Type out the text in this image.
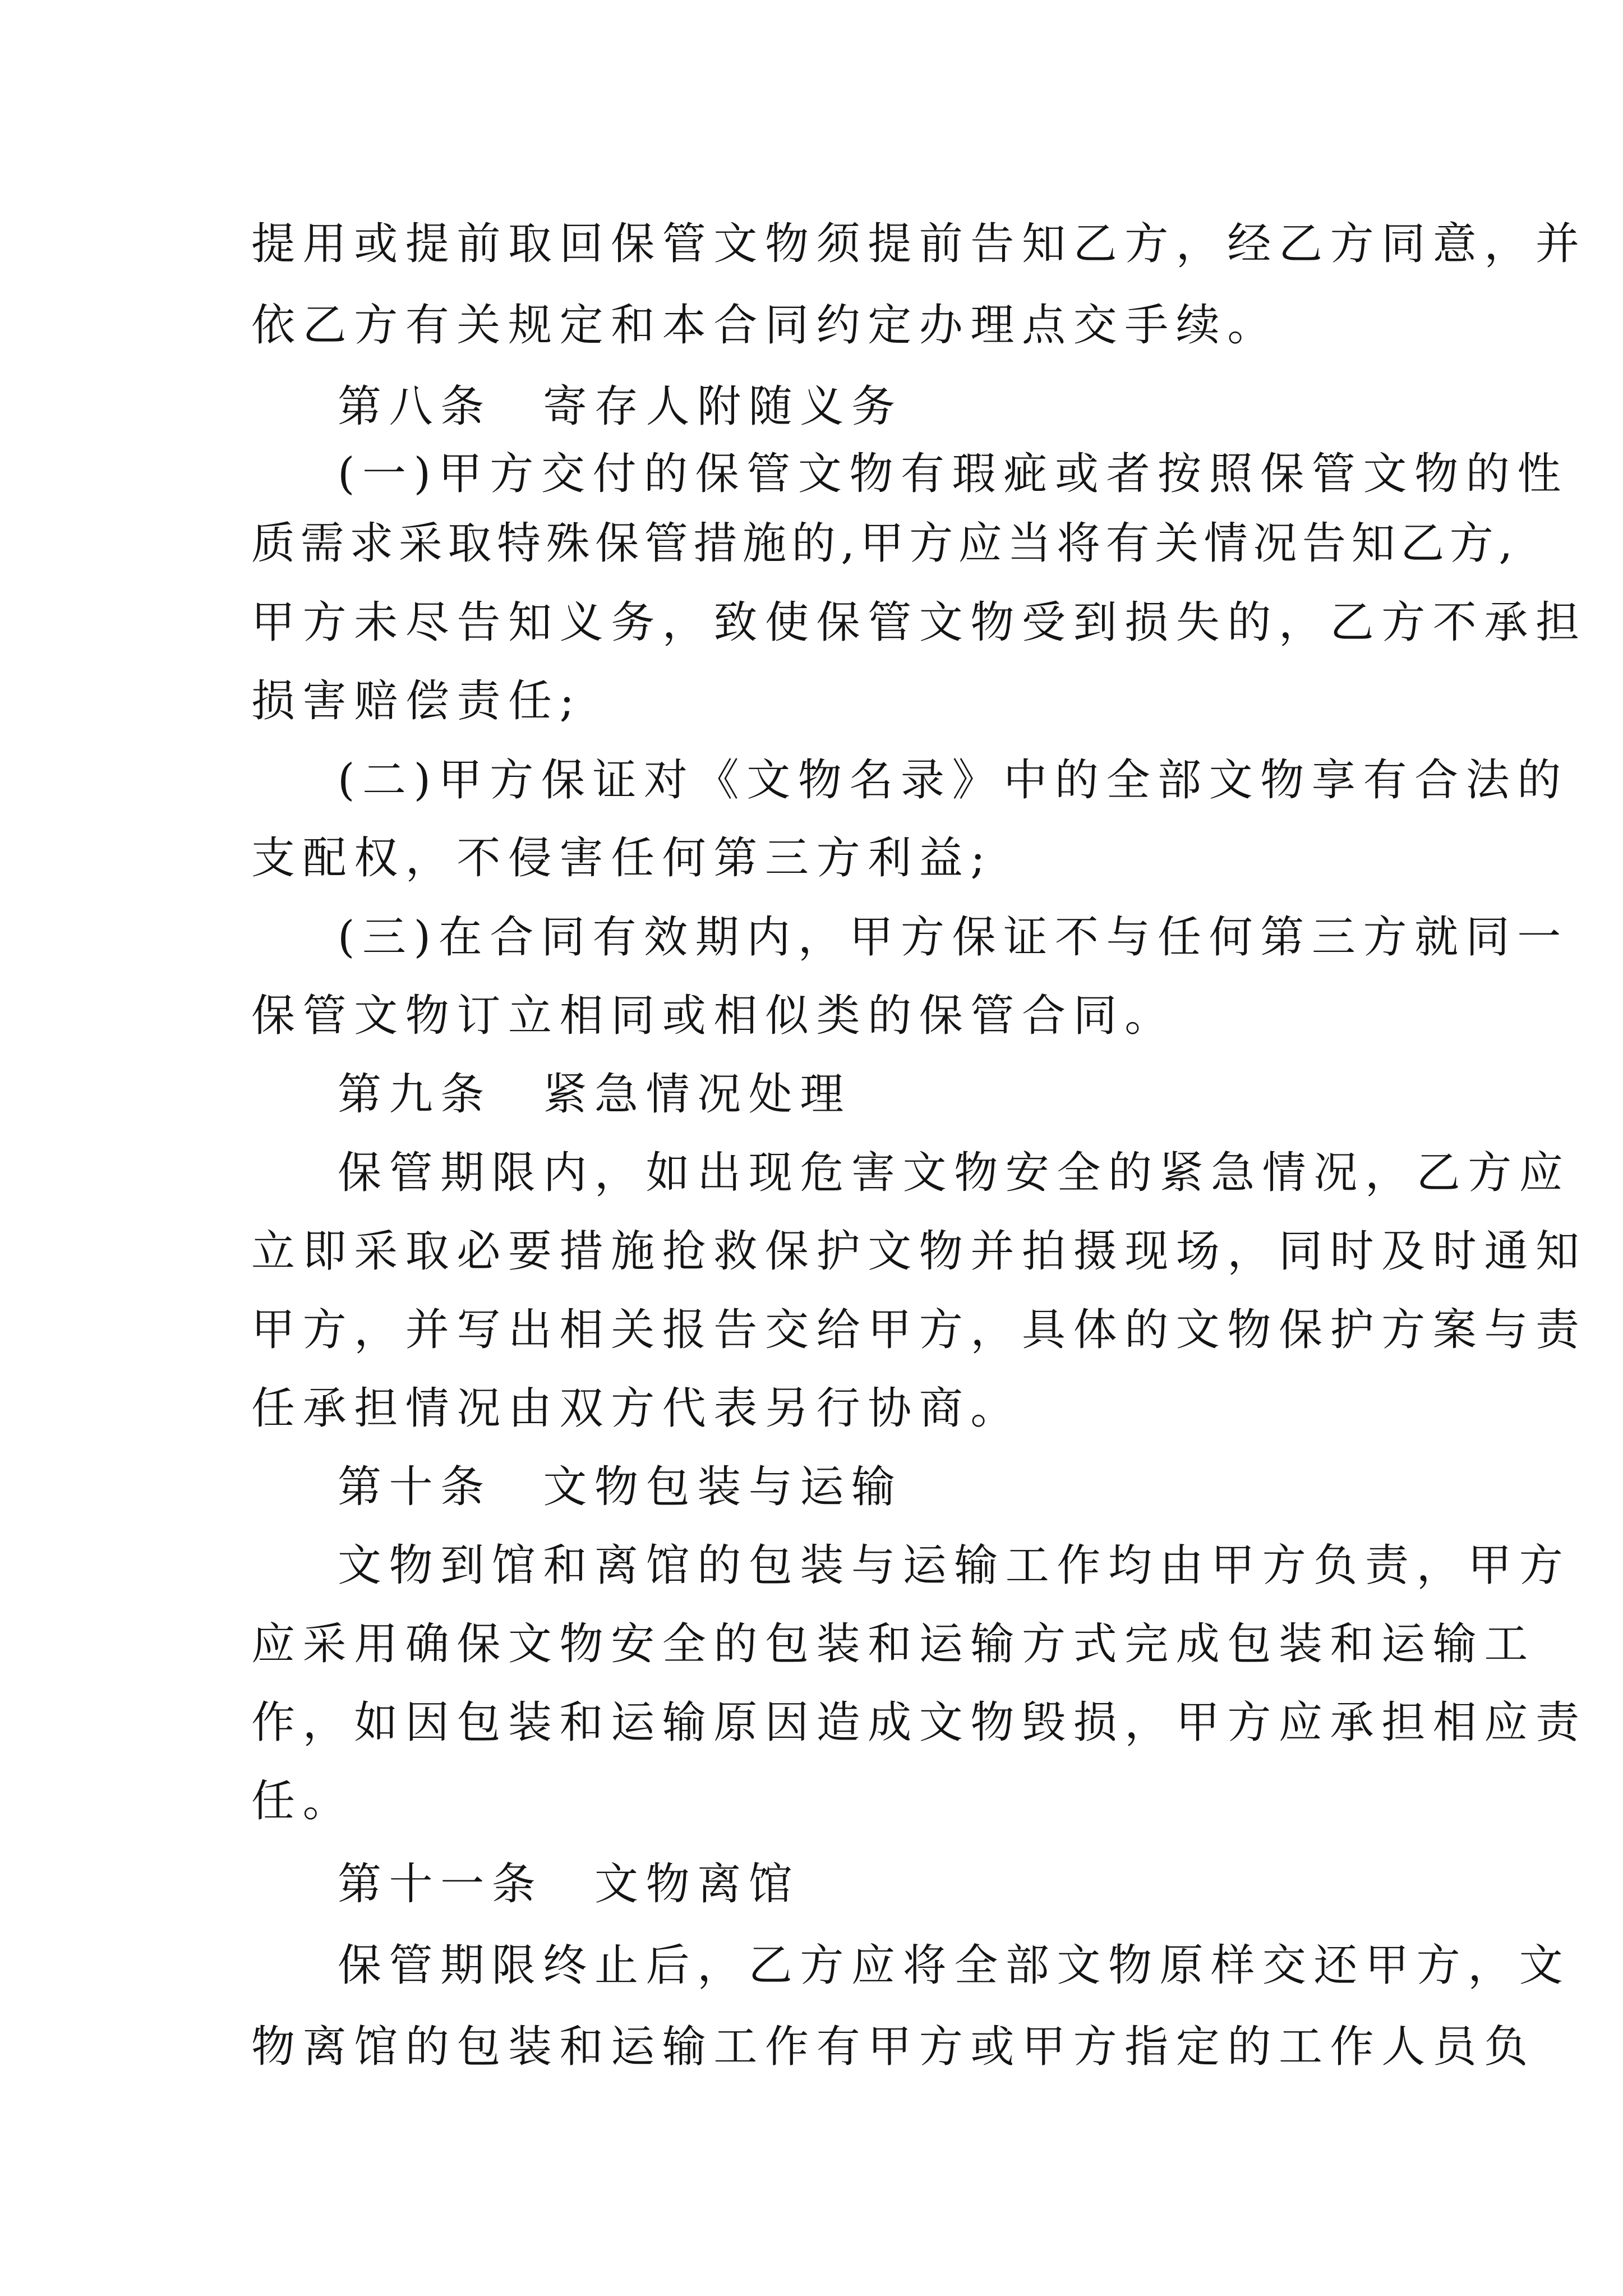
提用或提前取回保管文物须提前告知乙方，经乙方同意，并

依乙方有关规定和本合同约定办理点交手续。

第八条　寄存人附随义务

(一)甲方交付的保管文物有瑕疵或者按照保管文物的性

质需求采取特殊保管措施的,甲方应当将有关情况告知乙方,

甲方未尽告知义务，致使保管文物受到损失的，乙方不承担

损害赔偿责任;

(二)甲方保证对《文物名录》中的全部文物享有合法的

支配权，不侵害任何第三方利益;

(三)在合同有效期内，甲方保证不与任何第三方就同一

保管文物订立相同或相似类的保管合同。

第九条　紧急情况处理

保管期限内，如出现危害文物安全的紧急情况，乙方应

立即采取必要措施抢救保护文物并拍摄现场，同时及时通知

甲方，并写出相关报告交给甲方，具体的文物保护方案与责

任承担情况由双方代表另行协商。

第十条　文物包装与运输

文物到馆和离馆的包装与运输工作均由甲方负责，甲方

应采用确保文物安全的包装和运输方式完成包装和运输工

作，如因包装和运输原因造成文物毁损，甲方应承担相应责

任。

第十一条　文物离馆

保管期限终止后，乙方应将全部文物原样交还甲方，文

物离馆的包装和运输工作有甲方或甲方指定的工作人员负
